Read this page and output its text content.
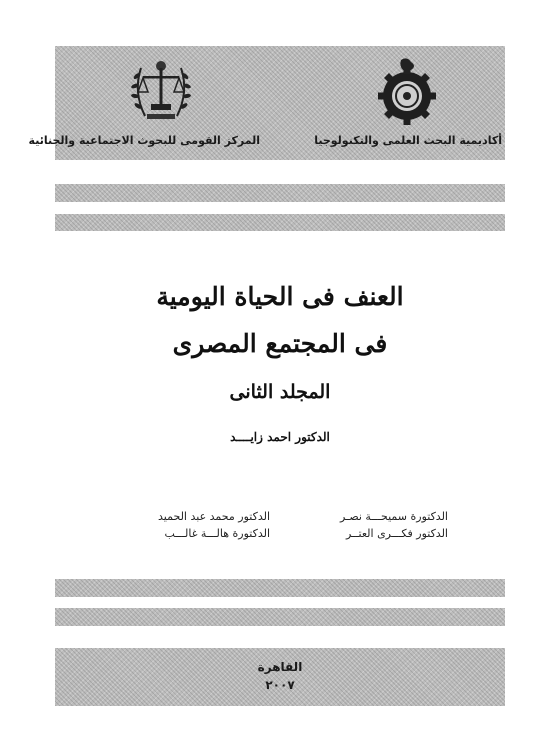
المركز القومى للبحوث الاجتماعية والجنائية	أكاديمية البحث العلمى والتكنولوجيا
العنف فى الحياة اليومية
فى المجتمع المصرى
المجلد الثانى
الدكتور احمد زايــــد
الدكتورة سميحـــة نصـر
الدكتور محمد عبد الحميد
الدكتور فكـــرى العتــر
الدكتورة هالـــة غالـــب
القاهرة
٢٠٠٧
